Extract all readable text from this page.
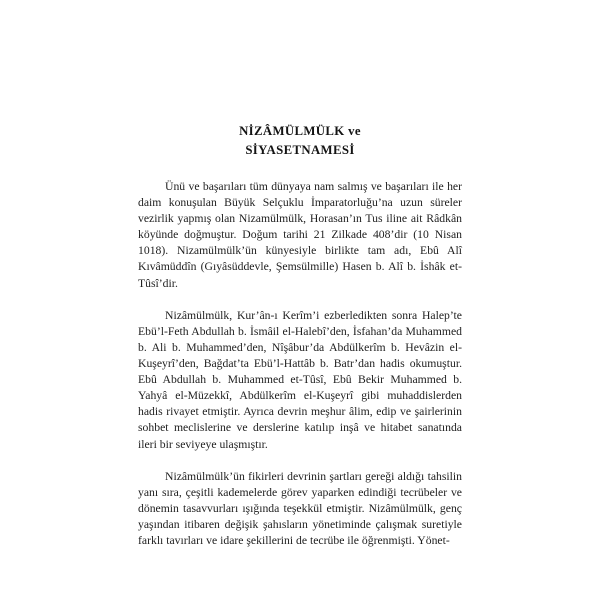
NİZÂMÜLMÜLK ve
SİYASETNAMESİ

Ünü ve başarıları tüm dünyaya nam salmış ve başarıları ile her daim konuşulan Büyük Selçuklu İmparatorluğu’na uzun süreler vezirlik yapmış olan Nizamülmülk, Horasan’ın Tus iline ait Râdkân köyünde doğmuştur. Doğum tarihi 21 Zilkade 408’dir (10 Nisan 1018). Nizamülmülk’ün künyesiyle birlikte tam adı, Ebû Alî Kıvâmüddîn (Gıyâsüddevle, Şemsülmille) Hasen b. Alî b. İshâk et-Tûsî’dir.

Nizâmülmülk, Kur’ân-ı Kerîm’i ezberledikten sonra Halep’te Ebü’l-Feth Abdullah b. İsmâil el-Halebî’den, İsfahan’da Muhammed b. Ali b. Muhammed’den, Nîşâbur’da Abdülkerîm b. Hevâzin el-Kuşeyrî’den, Bağdat’ta Ebü’l-Hattâb b. Batr’dan hadis okumuştur. Ebû Abdullah b. Muhammed et-Tûsî, Ebû Bekir Muhammed b. Yahyâ el-Müzekkî, Abdülkerîm el-Kuşeyrî gibi muhaddislerden hadis rivayet etmiştir. Ayrıca devrin meşhur âlim, edip ve şairlerinin sohbet meclislerine ve derslerine katılıp inşâ ve hitabet sanatında ileri bir seviyeye ulaşmıştır.

Nizâmülmülk’ün fikirleri devrinin şartları gereği aldığı tahsilin yanı sıra, çeşitli kademelerde görev yaparken edindiği tecrübeler ve dönemin tasavvurları ışığında teşekkül etmiştir. Nizâmülmülk, genç yaşından itibaren değişik şahısların yönetiminde çalışmak suretiyle farklı tavırları ve idare şekillerini de tecrübe ile öğrenmişti. Yönet-
